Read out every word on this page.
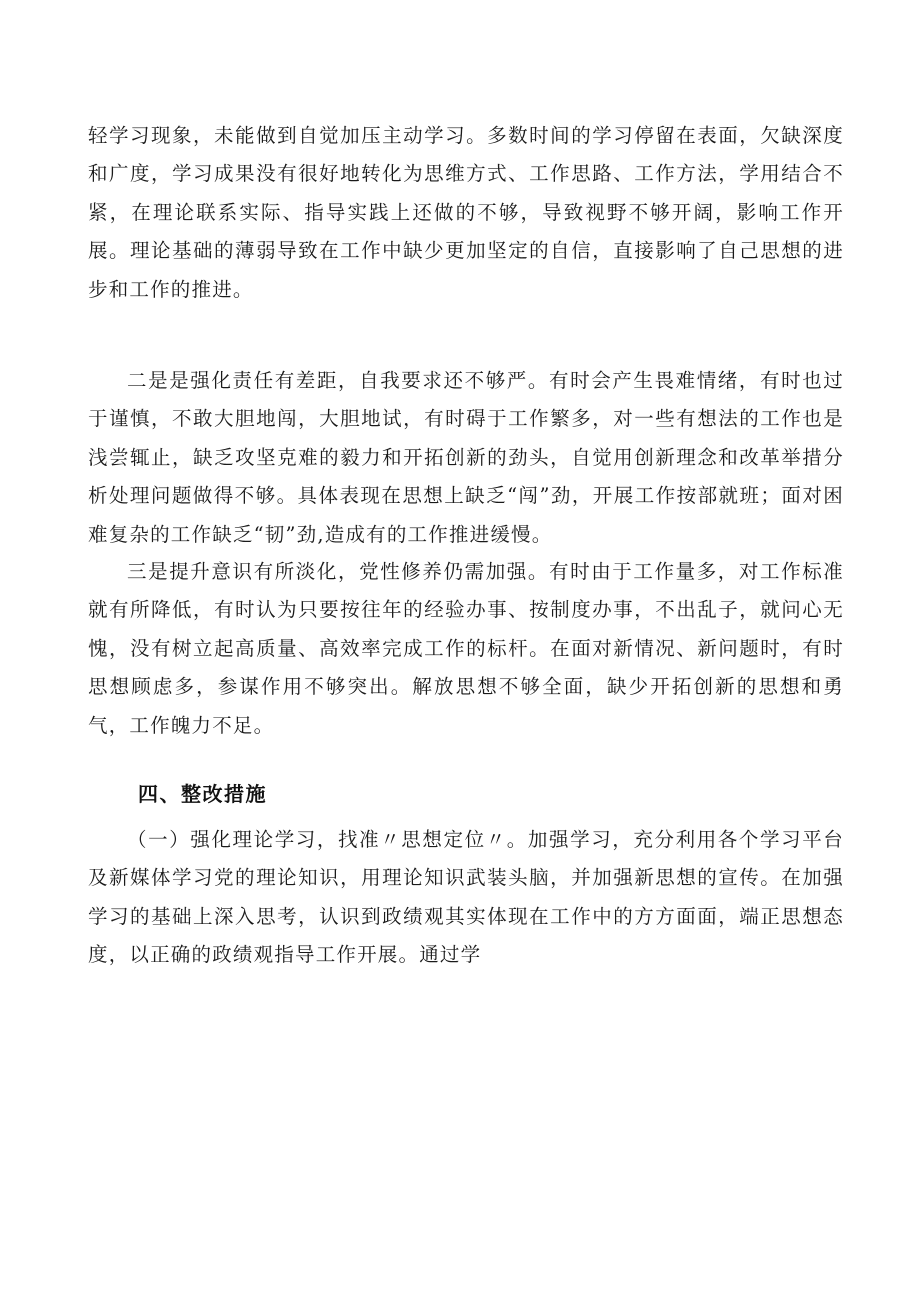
轻学习现象，未能做到自觉加压主动学习。多数时间的学习停留在表面，欠缺深度和广度，学习成果没有很好地转化为思维方式、工作思路、工作方法，学用结合不紧，在理论联系实际、指导实践上还做的不够，导致视野不够开阔，影响工作开展。理论基础的薄弱导致在工作中缺少更加坚定的自信，直接影响了自己思想的进步和工作的推进。

二是是强化责任有差距，自我要求还不够严。有时会产生畏难情绪，有时也过于谨慎，不敢大胆地闯，大胆地试，有时碍于工作繁多，对一些有想法的工作也是浅尝辄止，缺乏攻坚克难的毅力和开拓创新的劲头，自觉用创新理念和改革举措分析处理问题做得不够。具体表现在思想上缺乏“闯”劲，开展工作按部就班；面对困难复杂的工作缺乏“韧”劲,造成有的工作推进缓慢。

三是提升意识有所淡化，党性修养仍需加强。有时由于工作量多，对工作标准就有所降低，有时认为只要按往年的经验办事、按制度办事，不出乱子，就问心无愧，没有树立起高质量、高效率完成工作的标杆。在面对新情况、新问题时，有时思想顾虑多，参谋作用不够突出。解放思想不够全面，缺少开拓创新的思想和勇气，工作魄力不足。

四、整改措施

（一）强化理论学习，找准〃思想定位〃。加强学习，充分利用各个学习平台及新媒体学习党的理论知识，用理论知识武装头脑，并加强新思想的宣传。在加强学习的基础上深入思考，认识到政绩观其实体现在工作中的方方面面，端正思想态度，以正确的政绩观指导工作开展。通过学
